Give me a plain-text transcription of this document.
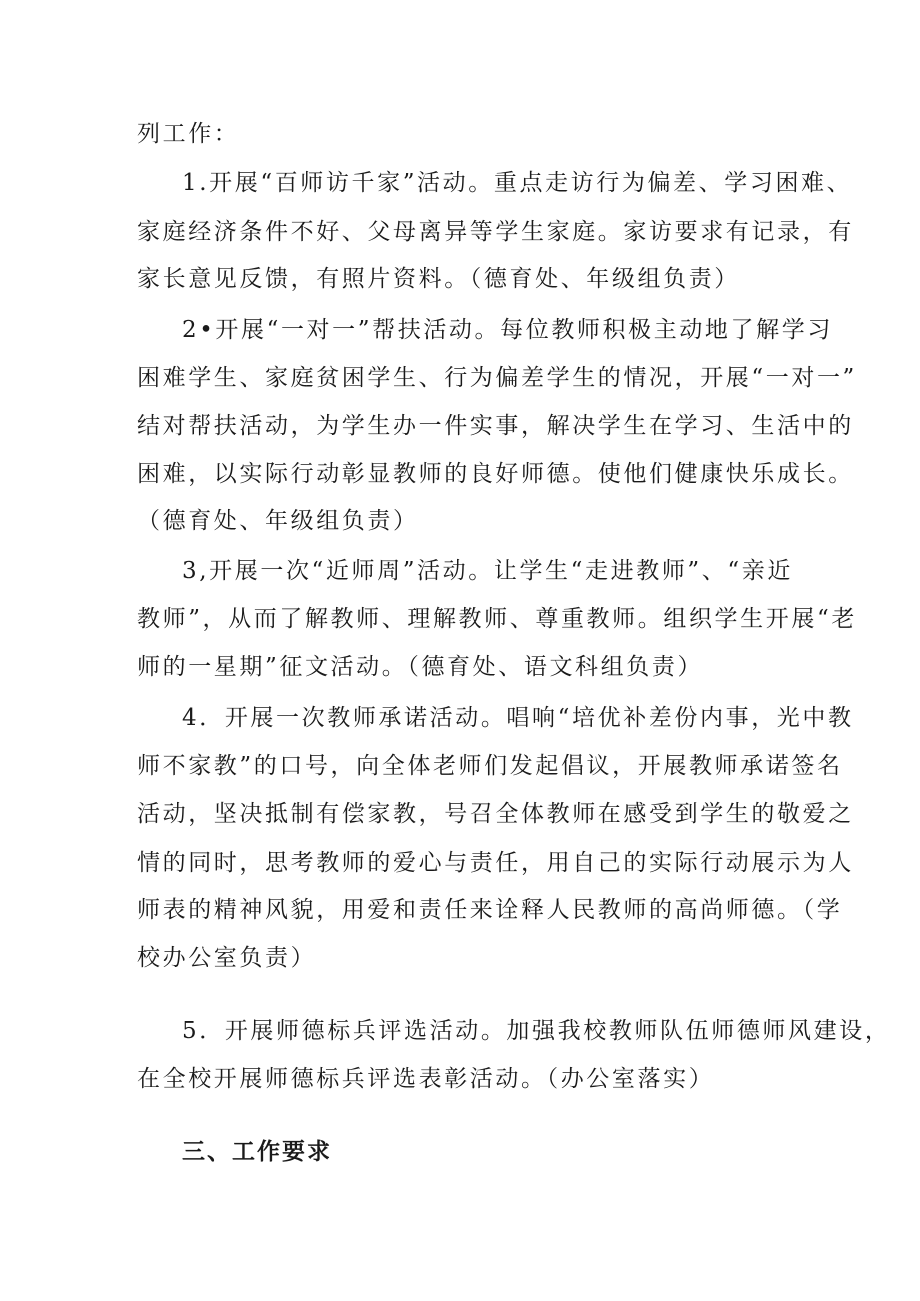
列工作：
1.开展“百师访千家”活动。重点走访行为偏差、学习困难、
家庭经济条件不好、父母离异等学生家庭。家访要求有记录，有
家长意见反馈，有照片资料。（德育处、年级组负责）
2•开展“一对一”帮扶活动。每位教师积极主动地了解学习
困难学生、家庭贫困学生、行为偏差学生的情况，开展“一对一”
结对帮扶活动，为学生办一件实事，解决学生在学习、生活中的
困难，以实际行动彰显教师的良好师德。使他们健康快乐成长。
（德育处、年级组负责）
3,开展一次“近师周”活动。让学生“走进教师”、“亲近
教师”，从而了解教师、理解教师、尊重教师。组织学生开展“老
师的一星期”征文活动。（德育处、语文科组负责）
4．开展一次教师承诺活动。唱响“培优补差份内事，光中教
师不家教”的口号，向全体老师们发起倡议，开展教师承诺签名
活动，坚决抵制有偿家教，号召全体教师在感受到学生的敬爱之
情的同时，思考教师的爱心与责任，用自己的实际行动展示为人
师表的精神风貌，用爱和责任来诠释人民教师的高尚师德。（学
校办公室负责）
5．开展师德标兵评选活动。加强我校教师队伍师德师风建设，
在全校开展师德标兵评选表彰活动。（办公室落实）
三、工作要求
